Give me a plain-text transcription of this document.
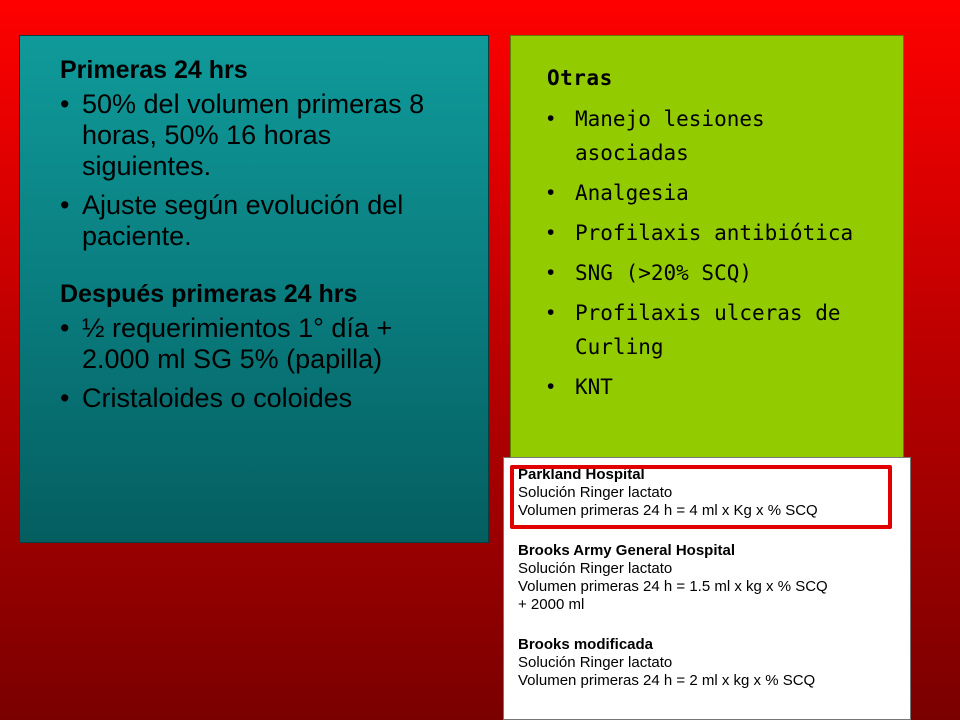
Primeras 24 hrs
• 50% del volumen primeras 8 horas, 50% 16 horas siguientes.
• Ajuste según evolución del paciente.
Después primeras 24 hrs
• ½ requerimientos 1° día + 2.000 ml SG 5% (papilla)
• Cristaloides o coloides
Otras
• Manejo lesiones asociadas
• Analgesia
• Profilaxis antibiótica
• SNG (>20% SCQ)
• Profilaxis ulceras de Curling
• KNT
Parkland Hospital
Solución Ringer lactato
Volumen primeras 24 h = 4 ml x Kg x % SCQ
Brooks Army General Hospital
Solución Ringer lactato
Volumen primeras 24 h = 1.5 ml x kg x % SCQ
+ 2000 ml
Brooks modificada
Solución Ringer lactato
Volumen primeras 24 h = 2 ml x kg x % SCQ
